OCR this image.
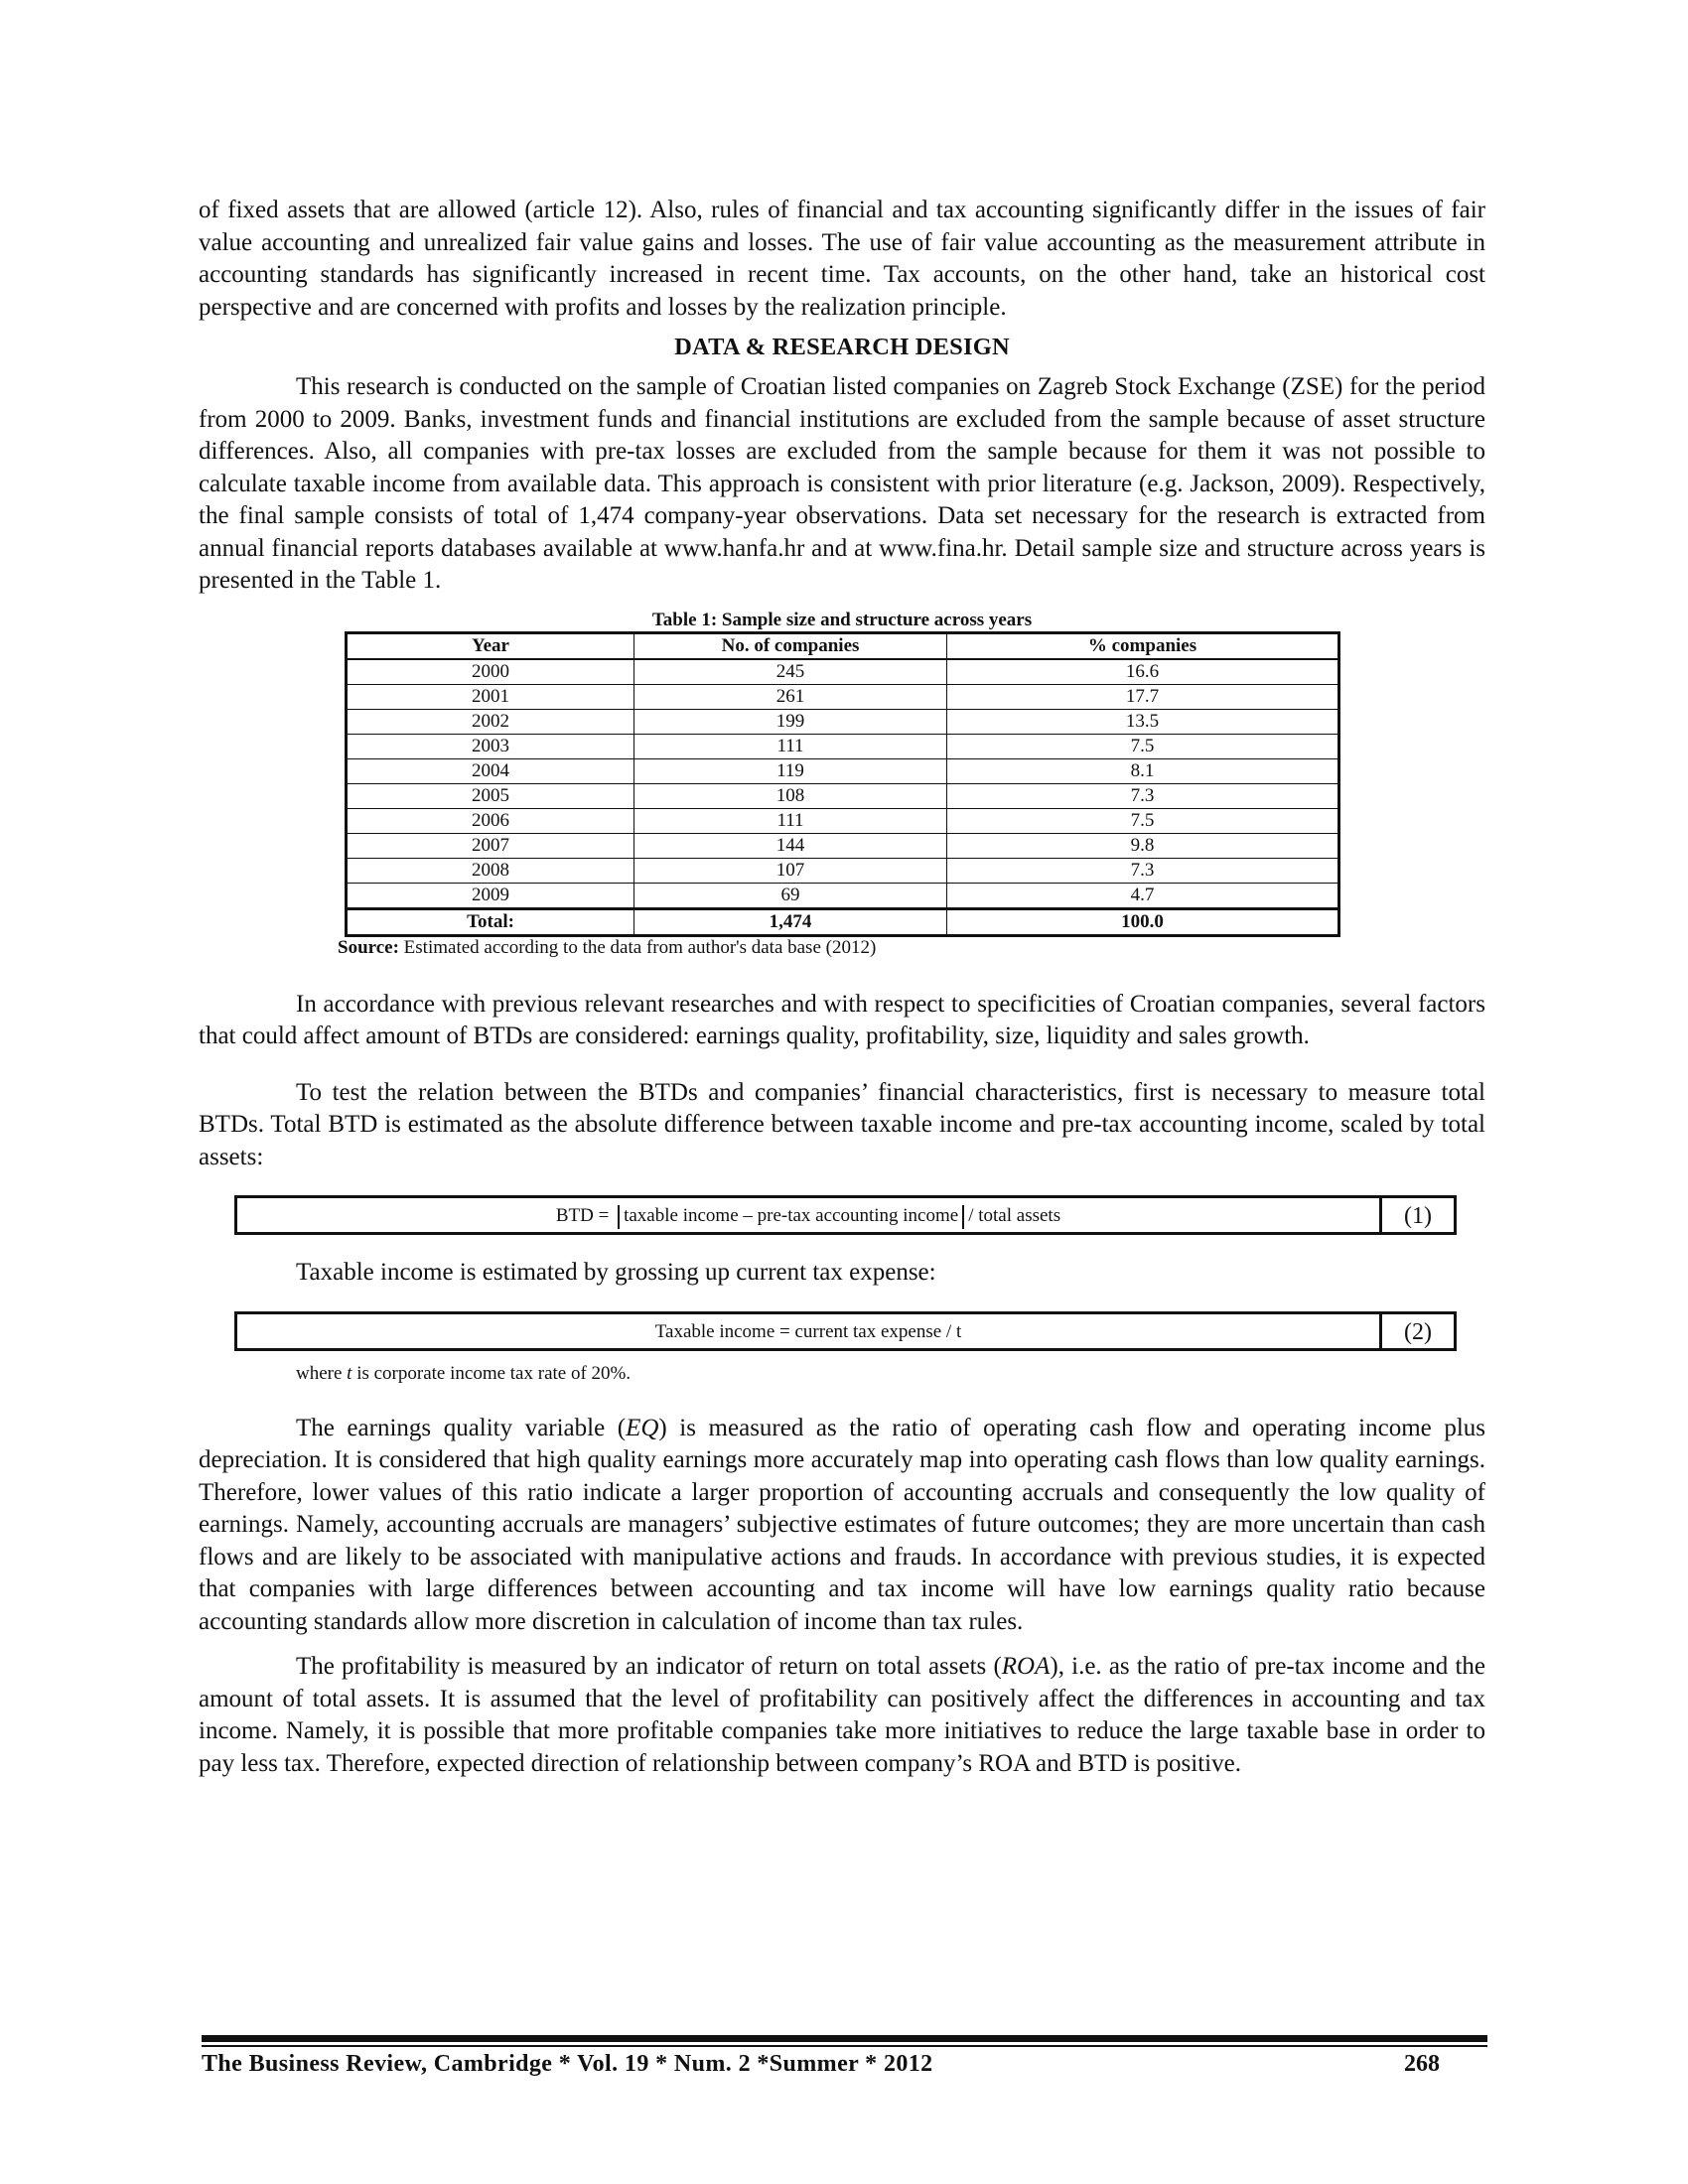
of fixed assets that are allowed (article 12). Also, rules of financial and tax accounting significantly differ in the issues of fair value accounting and unrealized fair value gains and losses. The use of fair value accounting as the measurement attribute in accounting standards has significantly increased in recent time. Tax accounts, on the other hand, take an historical cost perspective and are concerned with profits and losses by the realization principle.

DATA & RESEARCH DESIGN

This research is conducted on the sample of Croatian listed companies on Zagreb Stock Exchange (ZSE) for the period from 2000 to 2009. Banks, investment funds and financial institutions are excluded from the sample because of asset structure differences. Also, all companies with pre-tax losses are excluded from the sample because for them it was not possible to calculate taxable income from available data. This approach is consistent with prior literature (e.g. Jackson, 2009). Respectively, the final sample consists of total of 1,474 company-year observations. Data set necessary for the research is extracted from annual financial reports databases available at www.hanfa.hr and at www.fina.hr. Detail sample size and structure across years is presented in the Table 1.

Table 1: Sample size and structure across years
Year	No. of companies	% companies
2000	245	16.6
2001	261	17.7
2002	199	13.5
2003	111	7.5
2004	119	8.1
2005	108	7.3
2006	111	7.5
2007	144	9.8
2008	107	7.3
2009	69	4.7
Total:	1,474	100.0
Source: Estimated according to the data from author's data base (2012)

In accordance with previous relevant researches and with respect to specificities of Croatian companies, several factors that could affect amount of BTDs are considered: earnings quality, profitability, size, liquidity and sales growth.

To test the relation between the BTDs and companies’ financial characteristics, first is necessary to measure total BTDs. Total BTD is estimated as the absolute difference between taxable income and pre-tax accounting income, scaled by total assets:

BTD = taxable income – pre-tax accounting income / total assets	(1)

Taxable income is estimated by grossing up current tax expense:

Taxable income = current tax expense / t	(2)
where t is corporate income tax rate of 20%.

The earnings quality variable (EQ) is measured as the ratio of operating cash flow and operating income plus depreciation. It is considered that high quality earnings more accurately map into operating cash flows than low quality earnings. Therefore, lower values of this ratio indicate a larger proportion of accounting accruals and consequently the low quality of earnings. Namely, accounting accruals are managers’ subjective estimates of future outcomes; they are more uncertain than cash flows and are likely to be associated with manipulative actions and frauds. In accordance with previous studies, it is expected that companies with large differences between accounting and tax income will have low earnings quality ratio because accounting standards allow more discretion in calculation of income than tax rules.

The profitability is measured by an indicator of return on total assets (ROA), i.e. as the ratio of pre-tax income and the amount of total assets. It is assumed that the level of profitability can positively affect the differences in accounting and tax income. Namely, it is possible that more profitable companies take more initiatives to reduce the large taxable base in order to pay less tax. Therefore, expected direction of relationship between company’s ROA and BTD is positive.

The Business Review, Cambridge * Vol. 19 * Num. 2 *Summer * 2012	268
